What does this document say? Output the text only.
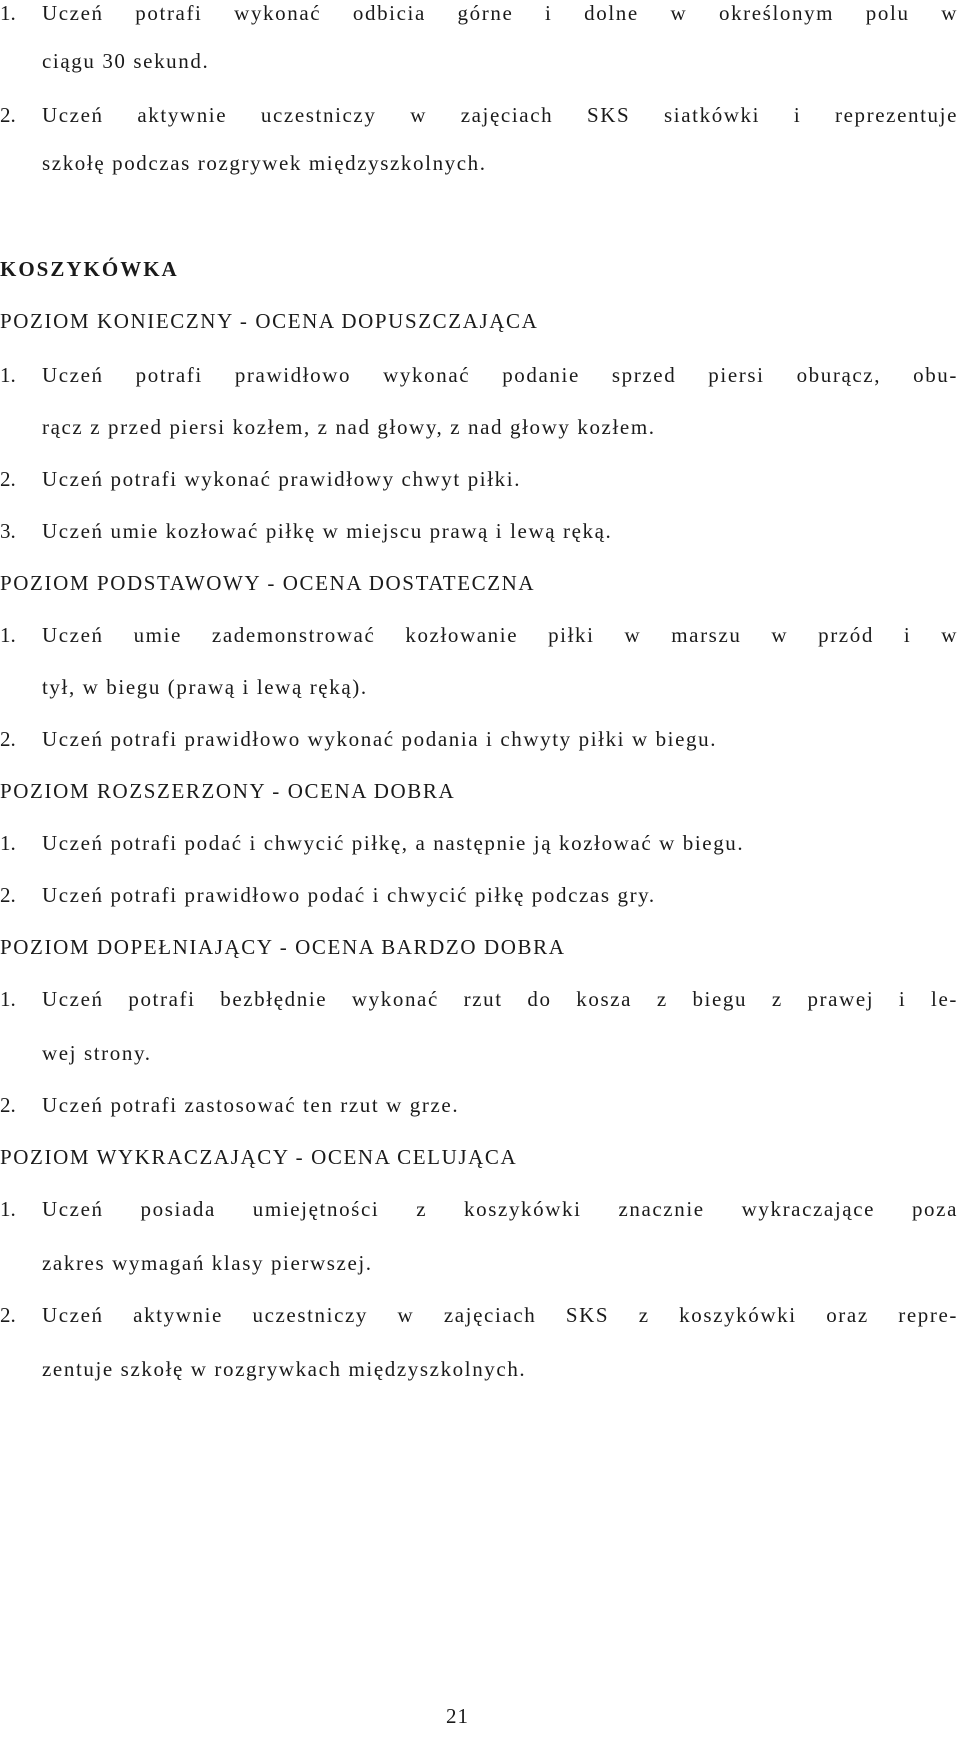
1. Uczeń potrafi wykonać odbicia górne i dolne w określonym polu w
ciągu 30 sekund.
2. Uczeń aktywnie uczestniczy w zajęciach SKS siatkówki i reprezentuje
szkołę podczas rozgrywek międzyszkolnych.
KOSZYKÓWKA
POZIOM KONIECZNY - OCENA DOPUSZCZAJĄCA
1. Uczeń potrafi prawidłowo wykonać podanie sprzed piersi oburącz, obu-
rącz z przed piersi kozłem, z nad głowy, z nad głowy kozłem.
2. Uczeń potrafi wykonać prawidłowy chwyt piłki.
3. Uczeń umie kozłować piłkę w miejscu prawą i lewą ręką.
POZIOM PODSTAWOWY - OCENA DOSTATECZNA
1. Uczeń umie zademonstrować kozłowanie piłki w marszu w przód i w
tył, w biegu (prawą i lewą ręką).
2. Uczeń potrafi prawidłowo wykonać podania i chwyty piłki w biegu.
POZIOM ROZSZERZONY - OCENA DOBRA
1. Uczeń potrafi podać i chwycić piłkę, a następnie ją kozłować w biegu.
2. Uczeń potrafi prawidłowo podać i chwycić piłkę podczas gry.
POZIOM DOPEŁNIAJĄCY - OCENA BARDZO DOBRA
1. Uczeń potrafi bezbłędnie wykonać rzut do kosza z biegu z prawej i le-
wej strony.
2. Uczeń potrafi zastosować ten rzut w grze.
POZIOM WYKRACZAJĄCY - OCENA CELUJĄCA
1. Uczeń posiada umiejętności z koszykówki znacznie wykraczające poza
zakres wymagań klasy pierwszej.
2. Uczeń aktywnie uczestniczy w zajęciach SKS z koszykówki oraz repre-
zentuje szkołę w rozgrywkach międzyszkolnych.
21
